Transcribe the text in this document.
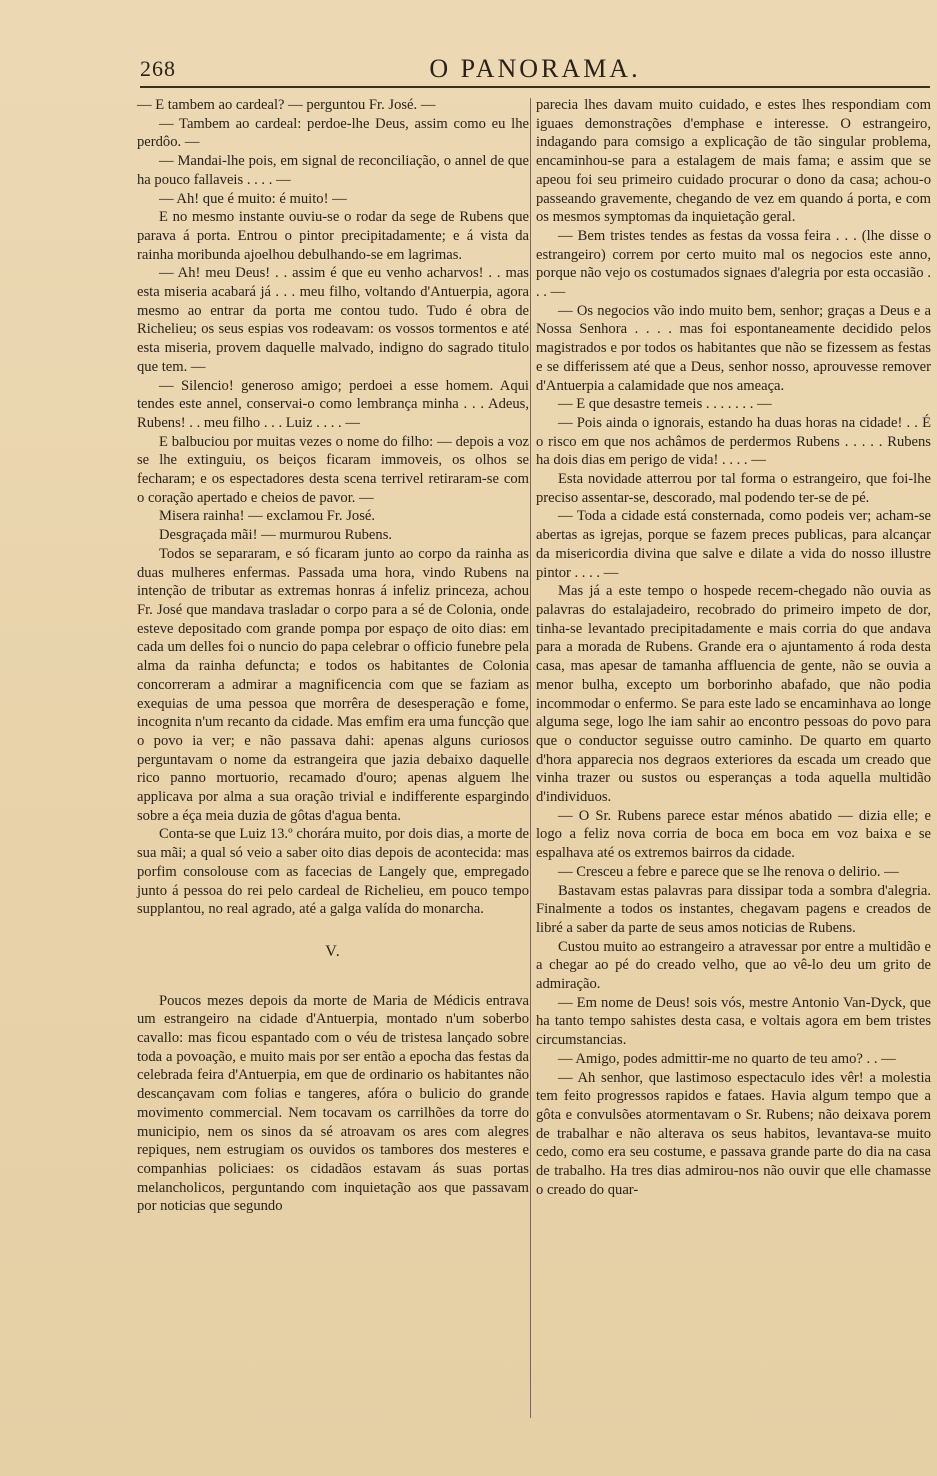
268	O PANORAMA.

— E tambem ao cardeal? — perguntou Fr. José. —

— Tambem ao cardeal: perdoe-lhe Deus, assim como eu lhe perdôo. —

— Mandai-lhe pois, em signal de reconciliação, o annel de que ha pouco fallaveis . . . . —

— Ah! que é muito: é muito! —

E no mesmo instante ouviu-se o rodar da sege de Rubens que parava á porta. Entrou o pintor precipitadamente; e á vista da rainha moribunda ajoelhou debulhando-se em lagrimas.

— Ah! meu Deus! . . assim é que eu venho acharvos! . . mas esta miseria acabará já . . . meu filho, voltando d'Antuerpia, agora mesmo ao entrar da porta me contou tudo. Tudo é obra de Richelieu; os seus espias vos rodeavam: os vossos tormentos e até esta miseria, provem daquelle malvado, indigno do sagrado titulo que tem. —

— Silencio! generoso amigo; perdoei a esse homem. Aqui tendes este annel, conservai-o como lembrança minha . . . Adeus, Rubens! . . meu filho . . . Luiz . . . . —

E balbuciou por muitas vezes o nome do filho: — depois a voz se lhe extinguiu, os beiços ficaram immoveis, os olhos se fecharam; e os espectadores desta scena terrivel retiraram-se com o coração apertado e cheios de pavor. —

Misera rainha! — exclamou Fr. José.

Desgraçada mãi! — murmurou Rubens.

Todos se separaram, e só ficaram junto ao corpo da rainha as duas mulheres enfermas. Passada uma hora, vindo Rubens na intenção de tributar as extremas honras á infeliz princeza, achou Fr. José que mandava trasladar o corpo para a sé de Colonia, onde esteve depositado com grande pompa por espaço de oito dias: em cada um delles foi o nuncio do papa celebrar o officio funebre pela alma da rainha defuncta; e todos os habitantes de Colonia concorreram a admirar a magnificencia com que se faziam as exequias de uma pessoa que morrêra de desesperação e fome, incognita n'um recanto da cidade. Mas emfim era uma funcção que o povo ia ver; e não passava dahi: apenas alguns curiosos perguntavam o nome da estrangeira que jazia debaixo daquelle rico panno mortuorio, recamado d'ouro; apenas alguem lhe applicava por alma a sua oração trivial e indifferente espargindo sobre a éça meia duzia de gôtas d'agua benta.

Conta-se que Luiz 13.º chorára muito, por dois dias, a morte de sua mãi; a qual só veio a saber oito dias depois de acontecida: mas porfim consolouse com as facecias de Langely que, empregado junto á pessoa do rei pelo cardeal de Richelieu, em pouco tempo supplantou, no real agrado, até a galga valída do monarcha.

V.

Poucos mezes depois da morte de Maria de Médicis entrava um estrangeiro na cidade d'Antuerpia, montado n'um soberbo cavallo: mas ficou espantado com o véu de tristesa lançado sobre toda a povoação, e muito mais por ser então a epocha das festas da celebrada feira d'Antuerpia, em que de ordinario os habitantes não descançavam com folias e tangeres, afóra o bulicio do grande movimento commercial. Nem tocavam os carrilhões da torre do municipio, nem os sinos da sé atroavam os ares com alegres repiques, nem estrugiam os ouvidos os tambores dos mesteres e companhias policiaes: os cidadãos estavam ás suas portas melancholicos, perguntando com inquietação aos que passavam por noticias que segundo

parecia lhes davam muito cuidado, e estes lhes respondiam com iguaes demonstrações d'emphase e interesse. O estrangeiro, indagando para comsigo a explicação de tão singular problema, encaminhou-se para a estalagem de mais fama; e assim que se apeou foi seu primeiro cuidado procurar o dono da casa; achou-o passeando gravemente, chegando de vez em quando á porta, e com os mesmos symptomas da inquietação geral.

— Bem tristes tendes as festas da vossa feira . . . (lhe disse o estrangeiro) correm por certo muito mal os negocios este anno, porque não vejo os costumados signaes d'alegria por esta occasião . . . —

— Os negocios vão indo muito bem, senhor; graças a Deus e a Nossa Senhora . . . . mas foi espontaneamente decidido pelos magistrados e por todos os habitantes que não se fizessem as festas e se differissem até que a Deus, senhor nosso, aprouvesse remover d'Antuerpia a calamidade que nos ameaça.

— E que desastre temeis . . . . . . . —

— Pois ainda o ignorais, estando ha duas horas na cidade! . . É o risco em que nos achâmos de perdermos Rubens . . . . . Rubens ha dois dias em perigo de vida! . . . . —

Esta novidade atterrou por tal forma o estrangeiro, que foi-lhe preciso assentar-se, descorado, mal podendo ter-se de pé.

— Toda a cidade está consternada, como podeis ver; acham-se abertas as igrejas, porque se fazem preces publicas, para alcançar da misericordia divina que salve e dilate a vida do nosso illustre pintor . . . . —

Mas já a este tempo o hospede recem-chegado não ouvia as palavras do estalajadeiro, recobrado do primeiro impeto de dor, tinha-se levantado precipitadamente e mais corria do que andava para a morada de Rubens. Grande era o ajuntamento á roda desta casa, mas apesar de tamanha affluencia de gente, não se ouvia a menor bulha, excepto um borborinho abafado, que não podia incommodar o enfermo. Se para este lado se encaminhava ao longe alguma sege, logo lhe iam sahir ao encontro pessoas do povo para que o conductor seguisse outro caminho. De quarto em quarto d'hora apparecia nos degraos exteriores da escada um creado que vinha trazer ou sustos ou esperanças a toda aquella multidão d'individuos.

— O Sr. Rubens parece estar ménos abatido — dizia elle; e logo a feliz nova corria de boca em boca em voz baixa e se espalhava até os extremos bairros da cidade.

— Cresceu a febre e parece que se lhe renova o delirio. —

Bastavam estas palavras para dissipar toda a sombra d'alegria. Finalmente a todos os instantes, chegavam pagens e creados de libré a saber da parte de seus amos noticias de Rubens.

Custou muito ao estrangeiro a atravessar por entre a multidão e a chegar ao pé do creado velho, que ao vê-lo deu um grito de admiração.

— Em nome de Deus! sois vós, mestre Antonio Van-Dyck, que ha tanto tempo sahistes desta casa, e voltais agora em bem tristes circumstancias.

— Amigo, podes admittir-me no quarto de teu amo? . . —

— Ah senhor, que lastimoso espectaculo ides vêr! a molestia tem feito progressos rapidos e fataes. Havia algum tempo que a gôta e convulsões atormentavam o Sr. Rubens; não deixava porem de trabalhar e não alterava os seus habitos, levantava-se muito cedo, como era seu costume, e passava grande parte do dia na casa de trabalho. Ha tres dias admirou-nos não ouvir que elle chamasse o creado do quar-
